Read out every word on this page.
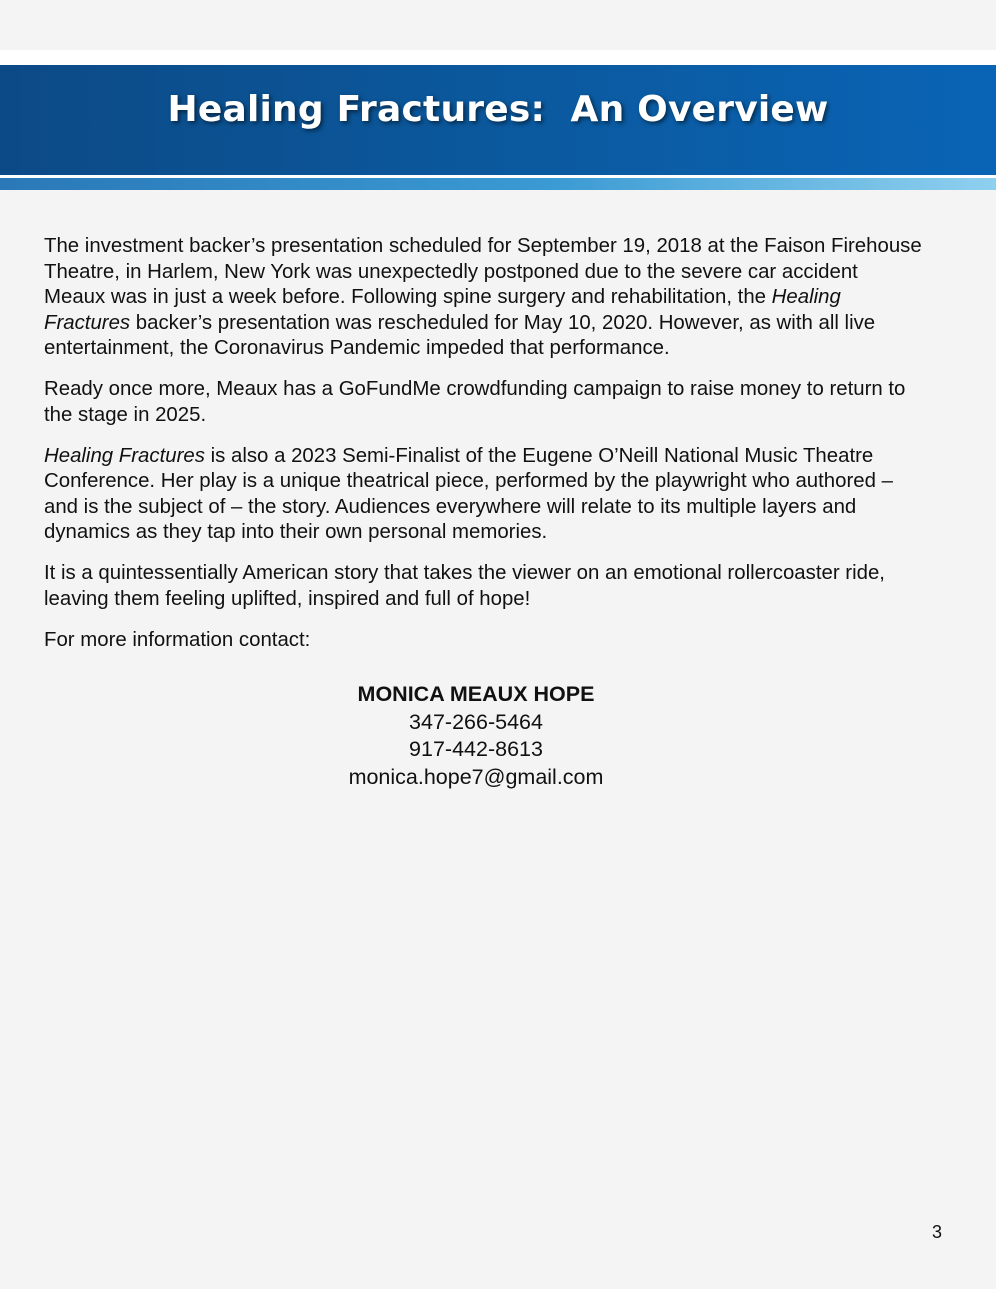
Healing Fractures:  An Overview

The investment backer’s presentation scheduled for September 19, 2018 at the Faison Firehouse Theatre, in Harlem, New York was unexpectedly postponed due to the severe car accident Meaux was in just a week before. Following spine surgery and rehabilitation, the Healing Fractures backer’s presentation was rescheduled for May 10, 2020. However, as with all live entertainment, the Coronavirus Pandemic impeded that performance.

Ready once more, Meaux has a GoFundMe crowdfunding campaign to raise money to return to the stage in 2025.

Healing Fractures is also a 2023 Semi-Finalist of the Eugene O’Neill National Music Theatre Conference. Her play is a unique theatrical piece, performed by the playwright who authored – and is the subject of – the story. Audiences everywhere will relate to its multiple layers and dynamics as they tap into their own personal memories.

It is a quintessentially American story that takes the viewer on an emotional rollercoaster ride, leaving them feeling uplifted, inspired and full of hope!

For more information contact:

MONICA MEAUX HOPE
347-266-5464
917-442-8613
monica.hope7@gmail.com
3
